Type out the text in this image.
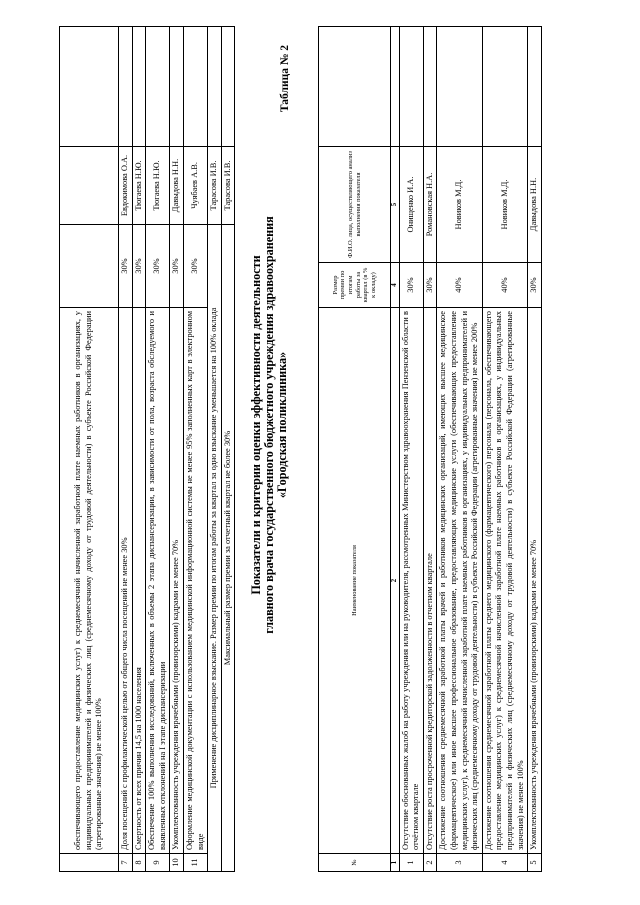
	обеспечивающего предоставление медицинских услуг) к среднемесячной начисленной заработной плате наемных работников в организациях, у индивидуальных предпринимателей и физических лиц (среднемесячному доходу от трудовой деятельности) в субъекте Российской Федерации (агрегированные значения) не менее 100%			
7	Доля посещений с профилактической целью от общего числа посещений не менее 30%	30%	Евдокимова О.А.	
8	Смертность от всех причин 14,5 на 1000 населения	30%	Тюгаева Н.Ю.	
9	Обеспечение 100% выполнения исследований, включенных в объемы 2 этапа диспансеризации, в зависимости от пола, возраста обследуемого и выявленных отклонений на I этапе диспансеризации	30%	Тюгаева Н.Ю.	
10	Укомплектованность учреждения врачебными (провизорскими) кадрами не менее 70%	30%	Давыдова Н.Н.	
11	Оформление медицинской документации с использованием медицинской информационной системы не менее 95% заполненных карт в электронном виде	30%	Чуябаев А.В.	
Применение дисциплинарное взыскание. Размер премии по итогам работы за квартал за одно взыскание уменьшается на 100% оклада			Тарасова И.В.	
Максимальный размер премии за отчетный квартал не более 30%			Тарасова И.В.	
Таблица № 2
Показатели и критерии оценки эффективности деятельности главного врача государственного бюджетного учреждения здравоохранения «Городская поликлиника»
№	Наименование показателя	Размер премии по итогам работы за квартал (в % к окладу)	Ф.И.О. лица, осуществляющего анализ выполнения показателя	
1	2	4	5	
1	Отсутствие обоснованных жалоб на работу учреждения или на руководителя, рассмотренных Министерством здравоохранения Пензенской области в отчётном квартале	30%	Онищенко И.А.	
2	Отсутствие роста просроченной кредиторской задолженности в отчетном квартале	30%	Романовская Н.А.	
3	Достижение соотношения среднемесячной заработной платы врачей и работников медицинских организаций, имеющих высшее медицинское (фармацевтическое) или иное высшее профессиональное образование, предоставляющих медицинские услуги (обеспечивающих предоставление медицинских услуг), к среднемесячной начисленной заработной плате наемных работников в организациях, у индивидуальных предпринимателей и физических лиц (среднемесячному доходу от трудовой деятельности) в субъекте Российской Федерации (агрегированные значения) не менее 200%	40%	Новиков М.Д.	
4	Достижение соотношения среднемесячной заработной платы среднего медицинского (фармацевтического) персонала (персонала, обеспечивающего предоставление медицинских услуг) к среднемесячной начисленной заработной плате наемных работников в организациях, у индивидуальных предпринимателей и физических лиц (среднемесячному доходу от трудовой деятельности) в субъекте Российской Федерации (агрегированные значения) не менее 100%	40%	Новиков М.Д.	
5	Укомплектованность учреждения врачебными (провизорскими) кадрами не менее 70%	30%	Давыдова Н.Н.	
